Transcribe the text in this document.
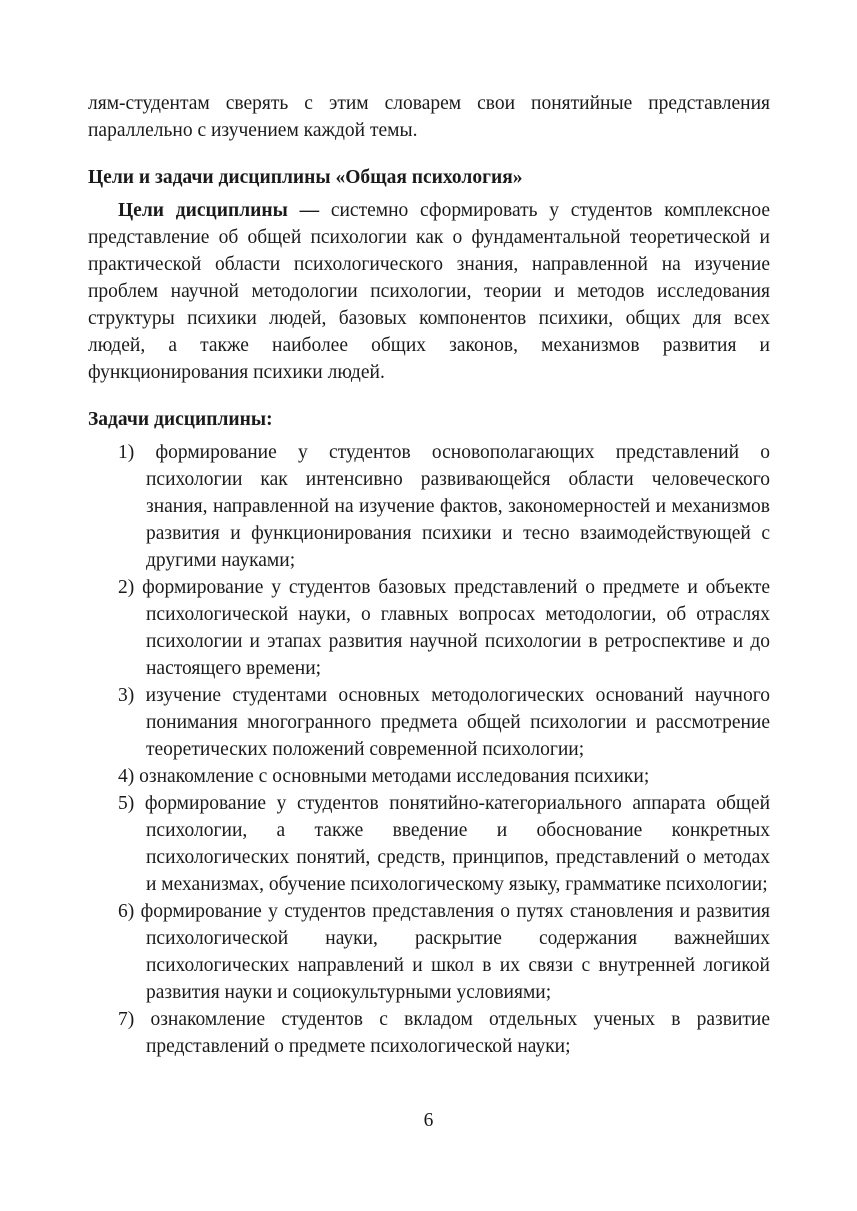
лям-студентам сверять с этим словарем свои понятийные представления параллельно с изучением каждой темы.

Цели и задачи дисциплины «Общая психология»

Цели дисциплины — системно сформировать у студентов комплексное представление об общей психологии как о фундаментальной теоретической и практической области психологического знания, направленной на изучение проблем научной методологии психологии, теории и методов исследования структуры психики людей, базовых компонентов психики, общих для всех людей, а также наиболее общих законов, механизмов развития и функционирования психики людей.

Задачи дисциплины:
1) формирование у студентов основополагающих представлений о психологии как интенсивно развивающейся области человеческого знания, направленной на изучение фактов, закономерностей и механизмов развития и функционирования психики и тесно взаимодействующей с другими науками;
2) формирование у студентов базовых представлений о предмете и объекте психологической науки, о главных вопросах методологии, об отраслях психологии и этапах развития научной психологии в ретроспективе и до настоящего времени;
3) изучение студентами основных методологических оснований научного понимания многогранного предмета общей психологии и рассмотрение теоретических положений современной психологии;
4) ознакомление с основными методами исследования психики;
5) формирование у студентов понятийно-категориального аппарата общей психологии, а также введение и обоснование конкретных психологических понятий, средств, принципов, представлений о методах и механизмах, обучение психологическому языку, грамматике психологии;
6) формирование у студентов представления о путях становления и развития психологической науки, раскрытие содержания важнейших психологических направлений и школ в их связи с внутренней логикой развития науки и социокультурными условиями;
7) ознакомление студентов с вкладом отдельных ученых в развитие представлений о предмете психологической науки;
6
